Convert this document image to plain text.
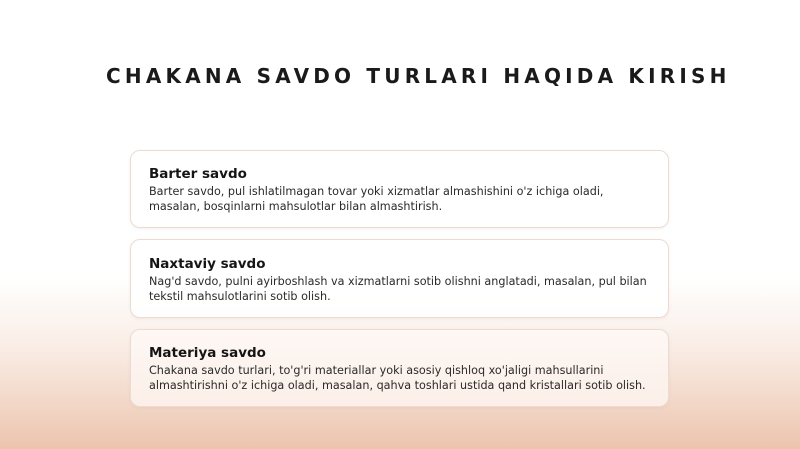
CHAKANA SAVDO TURLARI HAQIDA KIRISH
Barter savdo
Barter savdo, pul ishlatilmagan tovar yoki xizmatlar almashishini o'z ichiga oladi, masalan, bosqinlarni mahsulotlar bilan almashtirish.
Naxtaviy savdo
Nag'd savdo, pulni ayirboshlash va xizmatlarni sotib olishni anglatadi, masalan, pul bilan tekstil mahsulotlarini sotib olish.
Materiya savdo
Chakana savdo turlari, to'g'ri materiallar yoki asosiy qishloq xo'jaligi mahsullarini almashtirishni o'z ichiga oladi, masalan, qahva toshlari ustida qand kristallari sotib olish.
